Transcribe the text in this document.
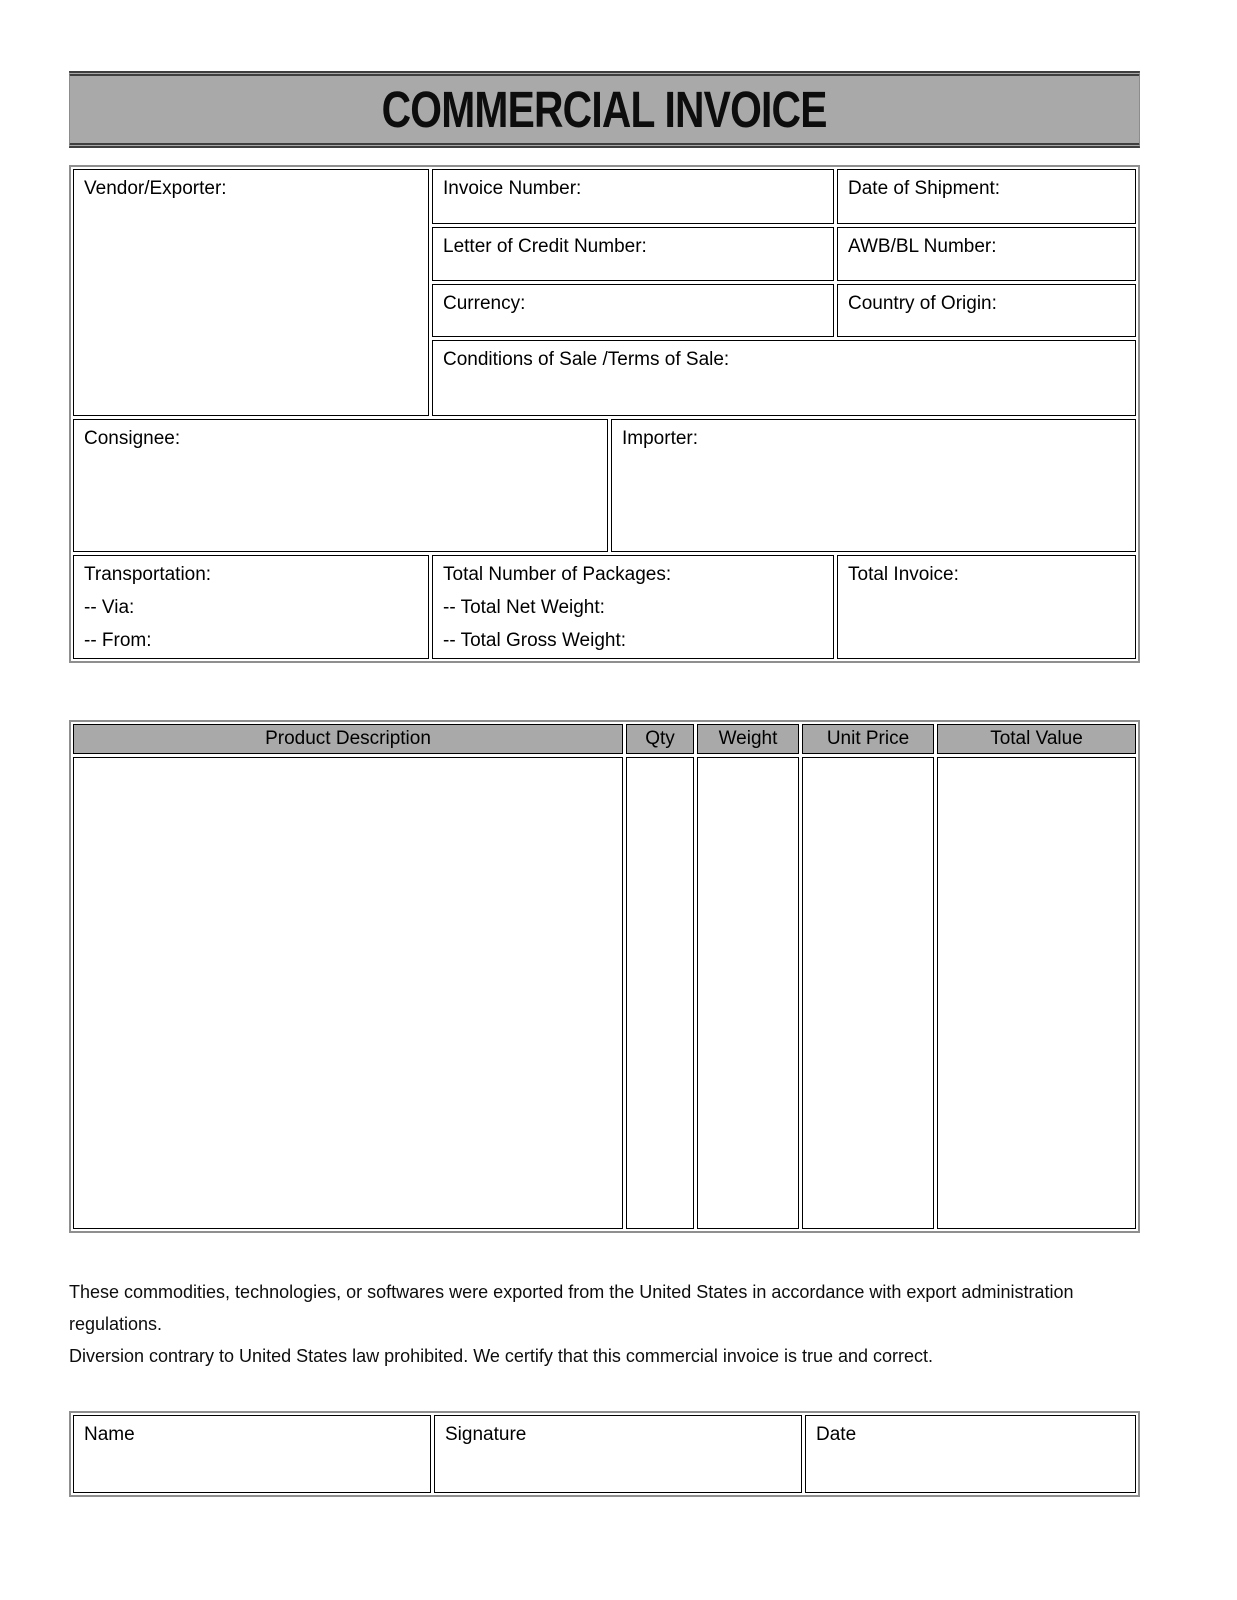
COMMERCIAL INVOICE
Vendor/Exporter:	Invoice Number:	Date of Shipment:
Letter of Credit Number:	AWB/BL Number:
Currency:	Country of Origin:
Conditions of Sale /Terms of Sale:
Consignee:	Importer:
Transportation:
-- Via:
-- From:
Total Number of Packages:
-- Total Net Weight:
-- Total Gross Weight:
Total Invoice:
Product Description	Qty	Weight	Unit Price	Total Value
These commodities, technologies, or softwares were exported from the United States in accordance with export administration regulations.
Diversion contrary to United States law prohibited. We certify that this commercial invoice is true and correct.
Name	Signature	Date
